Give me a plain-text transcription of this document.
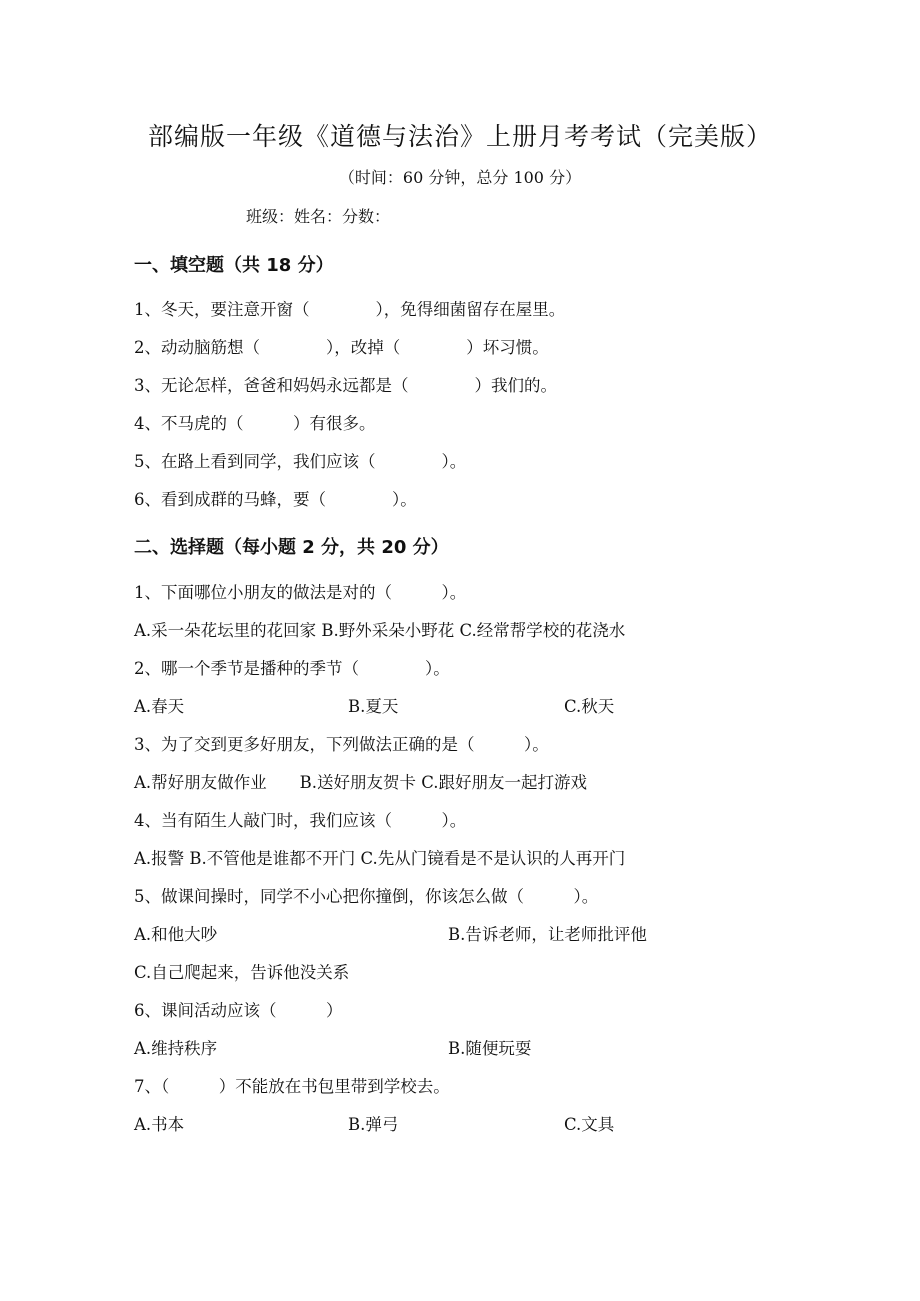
部编版一年级《道德与法治》上册月考考试（完美版）
（时间：60 分钟，总分 100 分）
班级：姓名：分数：
一、填空题（共 18 分）
1、冬天，要注意开窗（　　　　），免得细菌留存在屋里。
2、动动脑筋想（　　　　），改掉（　　　　）坏习惯。
3、无论怎样，爸爸和妈妈永远都是（　　　　）我们的。
4、不马虎的（　　　）有很多。
5、在路上看到同学，我们应该（　　　　）。
6、看到成群的马蜂，要（　　　　）。
二、选择题（每小题 2 分，共 20 分）
1、下面哪位小朋友的做法是对的（　　　）。
A.采一朵花坛里的花回家 B.野外采朵小野花 C.经常帮学校的花浇水
2、哪一个季节是播种的季节（　　　　）。
A.春天	B.夏天	C.秋天
3、为了交到更多好朋友，下列做法正确的是（　　　）。
A.帮好朋友做作业　　B.送好朋友贺卡 C.跟好朋友一起打游戏
4、当有陌生人敲门时，我们应该（　　　）。
A.报警 B.不管他是谁都不开门 C.先从门镜看是不是认识的人再开门
5、做课间操时，同学不小心把你撞倒，你该怎么做（　　　）。
A.和他大吵	B.告诉老师，让老师批评他
C.自己爬起来，告诉他没关系
6、课间活动应该（　　　）
A.维持秩序	B.随便玩耍
7、（　　　）不能放在书包里带到学校去。
A.书本	B.弹弓	C.文具
